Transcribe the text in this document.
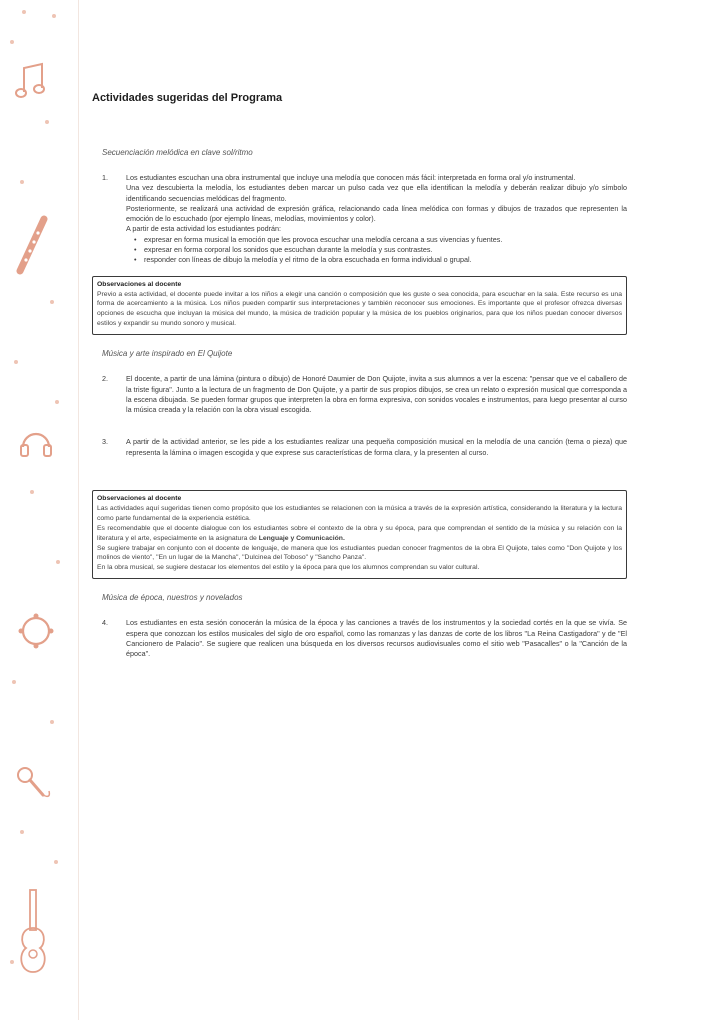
Actividades sugeridas del Programa
Secuenciación melódica en clave sol/ritmo
1.	Los estudiantes escuchan una obra instrumental que incluye una melodía que conocen más fácil: interpretada en forma oral y/o instrumental.

Una vez descubierta la melodía, los estudiantes deben marcar un pulso cada vez que ella identifican la melodía y deberán realizar dibujo y/o símbolo identificando secuencias melódicas del fragmento.

Posteriormente, se realizará una actividad de expresión gráfica, relacionando cada línea melódica con formas y dibujos de trazados que representen la emoción de lo escuchado (por ejemplo líneas, melodías, movimientos y color).

A partir de esta actividad los estudiantes podrán:

• expresar en forma musical la emoción que les provoca escuchar una melodía cercana a sus vivencias y fuentes.
• expresar en forma corporal los sonidos que escuchan durante la melodía y sus contrastes.
• responder con líneas de dibujo la melodía y el ritmo de la obra escuchada en forma individual o grupal.
Observaciones al docente

Previo a esta actividad, el docente puede invitar a los niños a elegir una canción o composición que les guste o sea conocida, para escuchar en la sala. Este recurso es una forma de acercamiento a la música. Los niños pueden compartir sus interpretaciones y también reconocer sus emociones. Es importante que el profesor ofrezca diversas opciones de escucha que incluyan la música del mundo, la música de tradición popular y la música de los pueblos originarios, para que los niños puedan conocer diversos estilos y expandir su mundo sonoro y musical.

Música y arte inspirado en El Quijote
2.	El docente, a partir de una lámina (pintura o dibujo) de Honoré Daumier de Don Quijote, invita a sus alumnos a ver la escena: "pensar que ve el caballero de la triste figura". Junto a la lectura de un fragmento de Don Quijote, y a partir de sus propios dibujos, se crea un relato o expresión musical que corresponda a la escena dibujada. Se pueden formar grupos que interpreten la obra en forma expresiva, con sonidos vocales e instrumentos, para luego presentar al curso la música creada y la relación con la obra visual escogida.
3.	A partir de la actividad anterior, se les pide a los estudiantes realizar una pequeña composición musical en la melodía de una canción (tema o pieza) que representa la lámina o imagen escogida y que exprese sus características de forma clara, y la presenten al curso.
Observaciones al docente

Las actividades aquí sugeridas tienen como propósito que los estudiantes se relacionen con la música a través de la expresión artística, considerando la literatura y la lectura como parte fundamental de la experiencia estética.

Es recomendable que el docente dialogue con los estudiantes sobre el contexto de la obra y su época, para que comprendan el sentido de la música y su relación con la literatura y el arte, especialmente en la asignatura de Lenguaje y Comunicación.

Se sugiere trabajar en conjunto con el docente de lenguaje, de manera que los estudiantes puedan conocer fragmentos de la obra El Quijote, tales como "Don Quijote y los molinos de viento", "En un lugar de la Mancha", "Dulcinea del Toboso" y "Sancho Panza".

En la obra musical, se sugiere destacar los elementos del estilo y la época para que los alumnos comprendan su valor cultural.

Música de época, nuestros y novelados
4.	Los estudiantes en esta sesión conocerán la música de la época y las canciones a través de los instrumentos y la sociedad cortés en la que se vivía. Se espera que conozcan los estilos musicales del siglo de oro español, como las romanzas y las danzas de corte de los libros "La Reina Castigadora" y de "El Cancionero de Palacio". Se sugiere que realicen una búsqueda en los diversos recursos audiovisuales como el sitio web "Pasacalles" o la "Canción de la época".
